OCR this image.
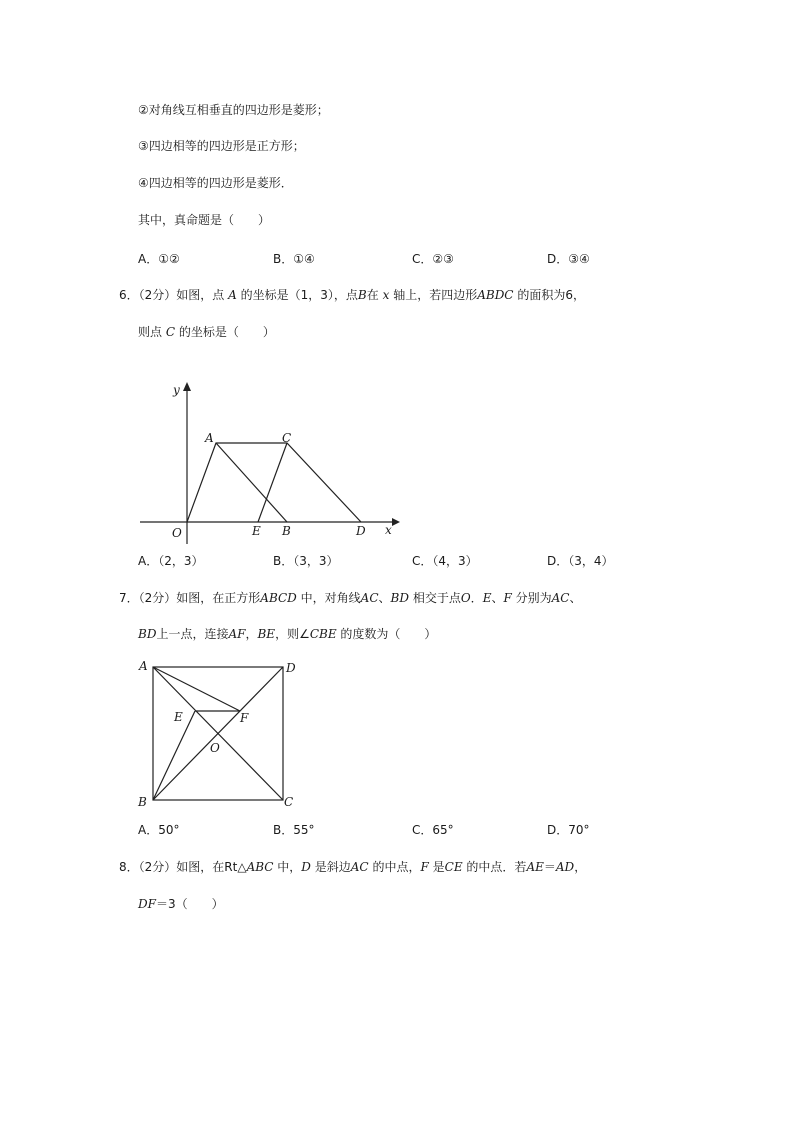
②对角线互相垂直的四边形是菱形；
③四边相等的四边形是正方形；
④四边相等的四边形是菱形．
其中，真命题是（　　）
A．①②	B．①④	C．②③	D．③④
6．（2分）如图，点 A 的坐标是（1，3），点B在 x 轴上，若四边形ABDC 的面积为6，
则点 C 的坐标是（　　）
y
A	C
O	E B	D x
A．（2，3）	B．（3，3）	C．（4，3）	D．（3，4）
7．（2分）如图，在正方形ABCD 中，对角线AC、BD 相交于点O．E、F 分别为AC、
BD上一点，连接AF，BE，则∠CBE 的度数为（　　）
A	D
E	F
O
B	C
A．50°	B．55°	C．65°	D．70°
8．（2分）如图，在Rt△ABC 中，D 是斜边AC 的中点，F 是CE 的中点．若AE＝AD，
DF＝3（　　）
